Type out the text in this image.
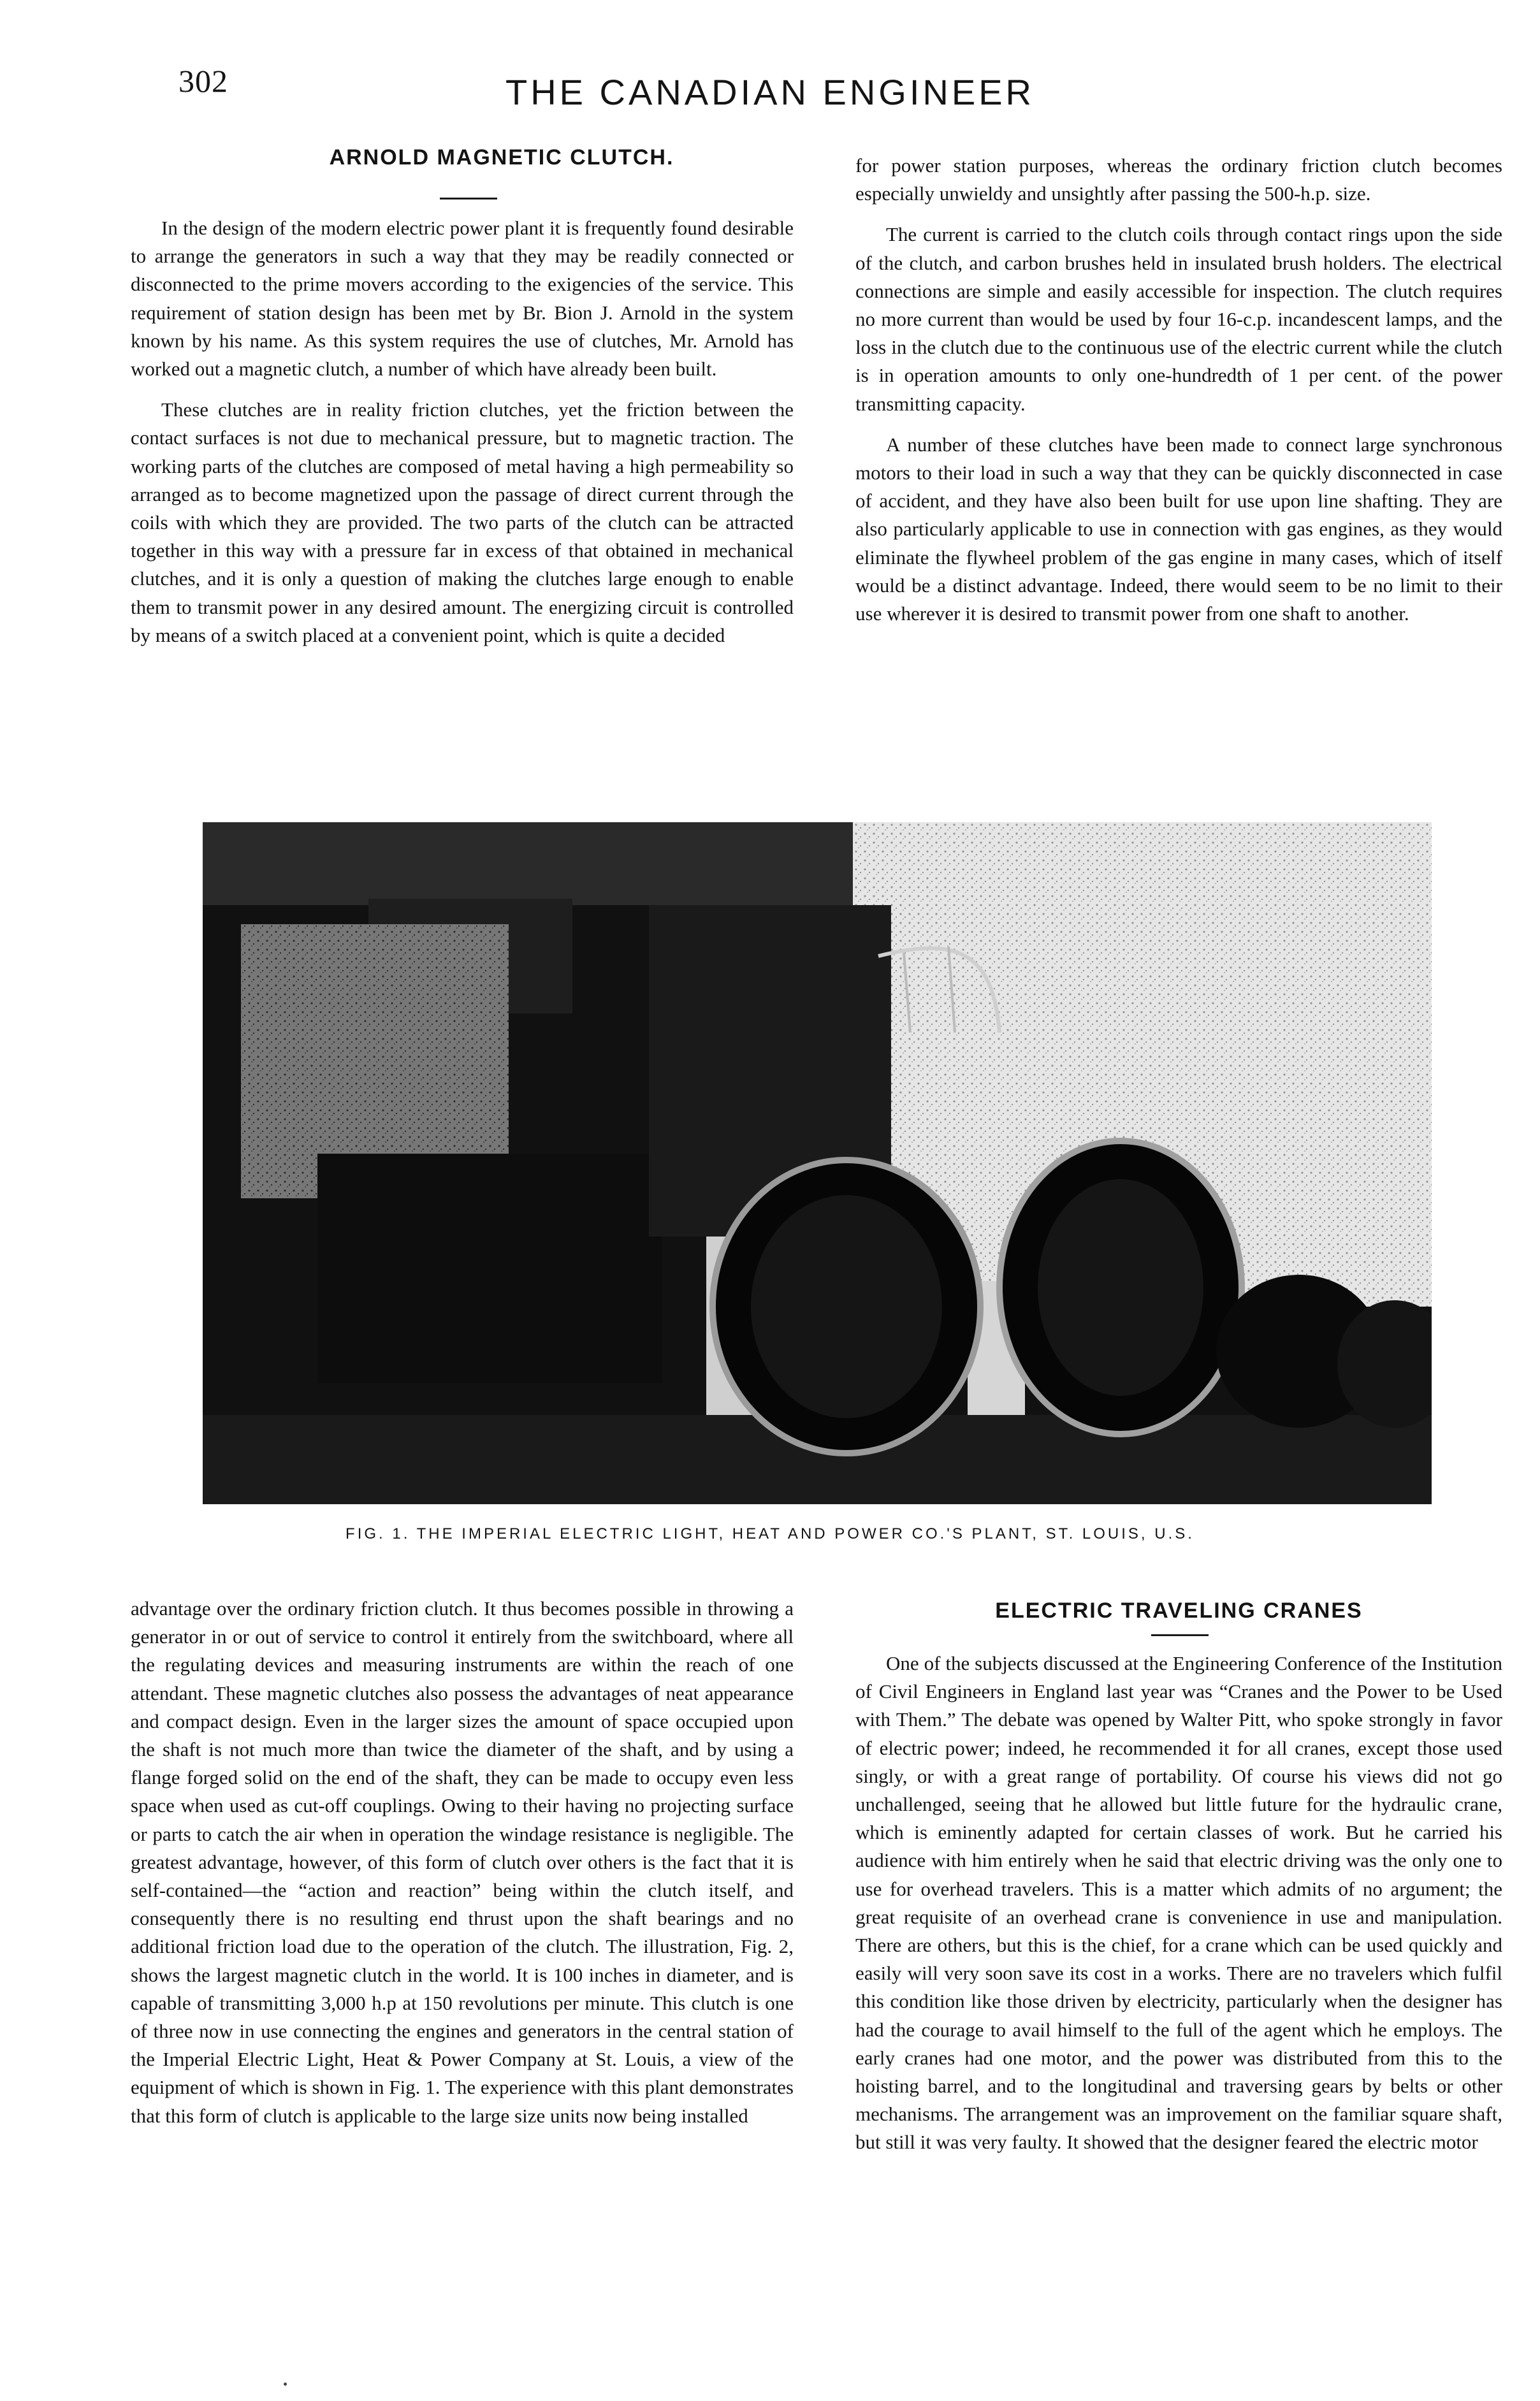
302	THE CANADIAN ENGINEER
ARNOLD MAGNETIC CLUTCH.

In the design of the modern electric power plant it is frequently found desirable to arrange the generators in such a way that they may be readily connected or disconnected to the prime movers according to the exigencies of the service. This requirement of station design has been met by Br. Bion J. Arnold in the system known by his name. As this system requires the use of clutches, Mr. Arnold has worked out a magnetic clutch, a number of which have already been built.

These clutches are in reality friction clutches, yet the friction between the contact surfaces is not due to mechanical pressure, but to magnetic traction. The working parts of the clutches are composed of metal having a high permeability so arranged as to become magnetized upon the passage of direct current through the coils with which they are provided. The two parts of the clutch can be attracted together in this way with a pressure far in excess of that obtained in mechanical clutches, and it is only a question of making the clutches large enough to enable them to transmit power in any desired amount. The energizing circuit is controlled by means of a switch placed at a convenient point, which is quite a decided

for power station purposes, whereas the ordinary friction clutch becomes especially unwieldy and unsightly after passing the 500-h.p. size.

The current is carried to the clutch coils through contact rings upon the side of the clutch, and carbon brushes held in insulated brush holders. The electrical connections are simple and easily accessible for inspection. The clutch requires no more current than would be used by four 16-c.p. incandescent lamps, and the loss in the clutch due to the continuous use of the electric current while the clutch is in operation amounts to only one-hundredth of 1 per cent. of the power transmitting capacity.

A number of these clutches have been made to connect large synchronous motors to their load in such a way that they can be quickly disconnected in case of accident, and they have also been built for use upon line shafting. They are also particularly applicable to use in connection with gas engines, as they would eliminate the flywheel problem of the gas engine in many cases, which of itself would be a distinct advantage. Indeed, there would seem to be no limit to their use wherever it is desired to transmit power from one shaft to another.

FIG. 1. THE IMPERIAL ELECTRIC LIGHT, HEAT AND POWER CO.'S PLANT, ST. LOUIS, U.S.

advantage over the ordinary friction clutch. It thus becomes possible in throwing a generator in or out of service to control it entirely from the switchboard, where all the regulating devices and measuring instruments are within the reach of one attendant. These magnetic clutches also possess the advantages of neat appearance and compact design. Even in the larger sizes the amount of space occupied upon the shaft is not much more than twice the diameter of the shaft, and by using a flange forged solid on the end of the shaft, they can be made to occupy even less space when used as cut-off couplings. Owing to their having no projecting surface or parts to catch the air when in operation the windage resistance is negligible. The greatest advantage, however, of this form of clutch over others is the fact that it is self-contained—the “action and reaction” being within the clutch itself, and consequently there is no resulting end thrust upon the shaft bearings and no additional friction load due to the operation of the clutch. The illustration, Fig. 2, shows the largest magnetic clutch in the world. It is 100 inches in diameter, and is capable of transmitting 3,000 h.p at 150 revolutions per minute. This clutch is one of three now in use connecting the engines and generators in the central station of the Imperial Electric Light, Heat & Power Company at St. Louis, a view of the equipment of which is shown in Fig. 1. The experience with this plant demonstrates that this form of clutch is applicable to the large size units now being installed

ELECTRIC TRAVELING CRANES

One of the subjects discussed at the Engineering Conference of the Institution of Civil Engineers in England last year was “Cranes and the Power to be Used with Them.” The debate was opened by Walter Pitt, who spoke strongly in favor of electric power; indeed, he recommended it for all cranes, except those used singly, or with a great range of portability. Of course his views did not go unchallenged, seeing that he allowed but little future for the hydraulic crane, which is eminently adapted for certain classes of work. But he carried his audience with him entirely when he said that electric driving was the only one to use for overhead travelers. This is a matter which admits of no argument; the great requisite of an overhead crane is convenience in use and manipulation. There are others, but this is the chief, for a crane which can be used quickly and easily will very soon save its cost in a works. There are no travelers which fulfil this condition like those driven by electricity, particularly when the designer has had the courage to avail himself to the full of the agent which he employs. The early cranes had one motor, and the power was distributed from this to the hoisting barrel, and to the longitudinal and traversing gears by belts or other mechanisms. The arrangement was an improvement on the familiar square shaft, but still it was very faulty. It showed that the designer feared the electric motor
